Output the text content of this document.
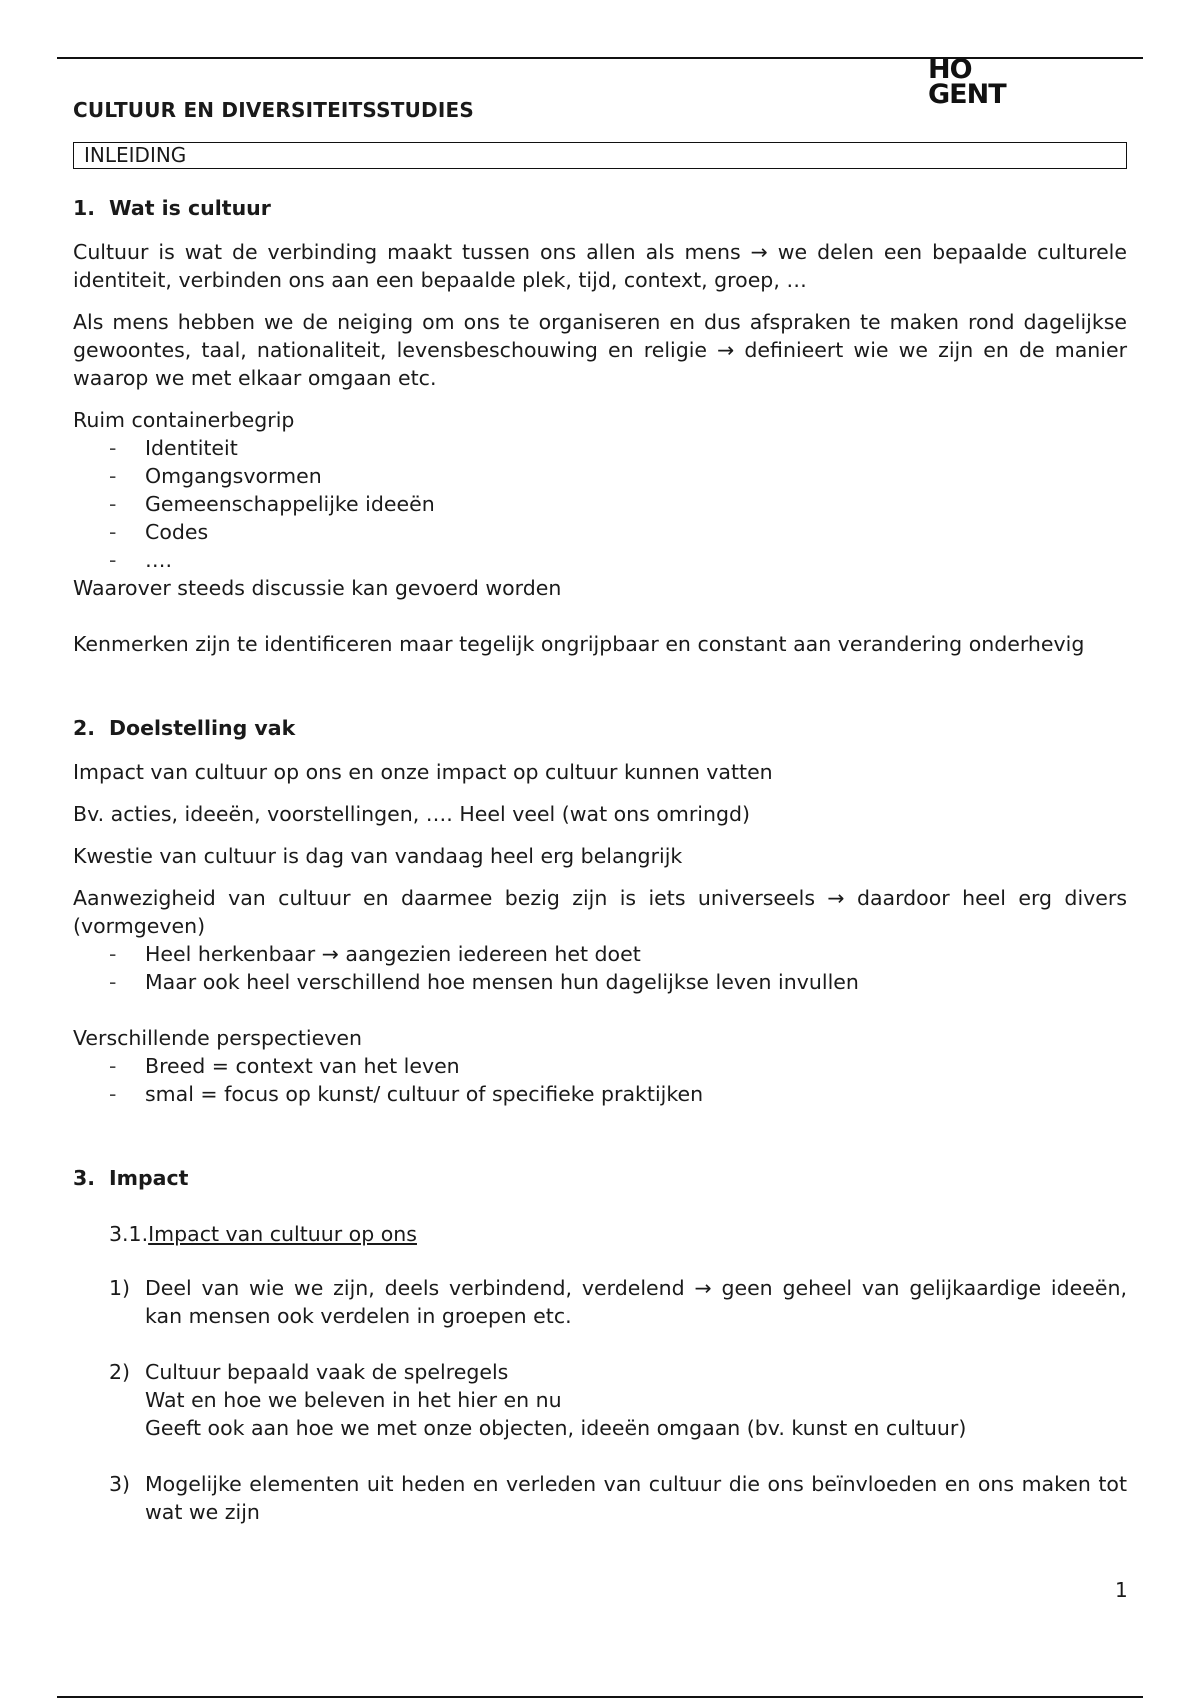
HO
GENT
CULTUUR EN DIVERSITEITSSTUDIES
INLEIDING
1. Wat is cultuur

Cultuur is wat de verbinding maakt tussen ons allen als mens → we delen een bepaalde culturele identiteit, verbinden ons aan een bepaalde plek, tijd, context, groep, …

Als mens hebben we de neiging om ons te organiseren en dus afspraken te maken rond dagelijkse gewoontes, taal, nationaliteit, levensbeschouwing en religie → definieert wie we zijn en de manier waarop we met elkaar omgaan etc.

Ruim containerbegrip

-	Identiteit
-	Omgangsvormen
-	Gemeenschappelijke ideeën
-	Codes
-	….

Waarover steeds discussie kan gevoerd worden

Kenmerken zijn te identificeren maar tegelijk ongrijpbaar en constant aan verandering onderhevig

2. Doelstelling vak

Impact van cultuur op ons en onze impact op cultuur kunnen vatten

Bv. acties, ideeën, voorstellingen, …. Heel veel (wat ons omringd)

Kwestie van cultuur is dag van vandaag heel erg belangrijk

Aanwezigheid van cultuur en daarmee bezig zijn is iets universeels → daardoor heel erg divers (vormgeven)

-	Heel herkenbaar → aangezien iedereen het doet
-	Maar ook heel verschillend hoe mensen hun dagelijkse leven invullen

Verschillende perspectieven

-	Breed = context van het leven
-	smal = focus op kunst/ cultuur of specifieke praktijken
3. Impact
3.1.Impact van cultuur op ons
1) Deel van wie we zijn, deels verbindend, verdelend → geen geheel van gelijkaardige ideeën, kan mensen ook verdelen in groepen etc.
2) Cultuur bepaald vaak de spelregels
Wat en hoe we beleven in het hier en nu
Geeft ook aan hoe we met onze objecten, ideeën omgaan (bv. kunst en cultuur)
3) Mogelijke elementen uit heden en verleden van cultuur die ons beïnvloeden en ons maken tot wat we zijn
1
